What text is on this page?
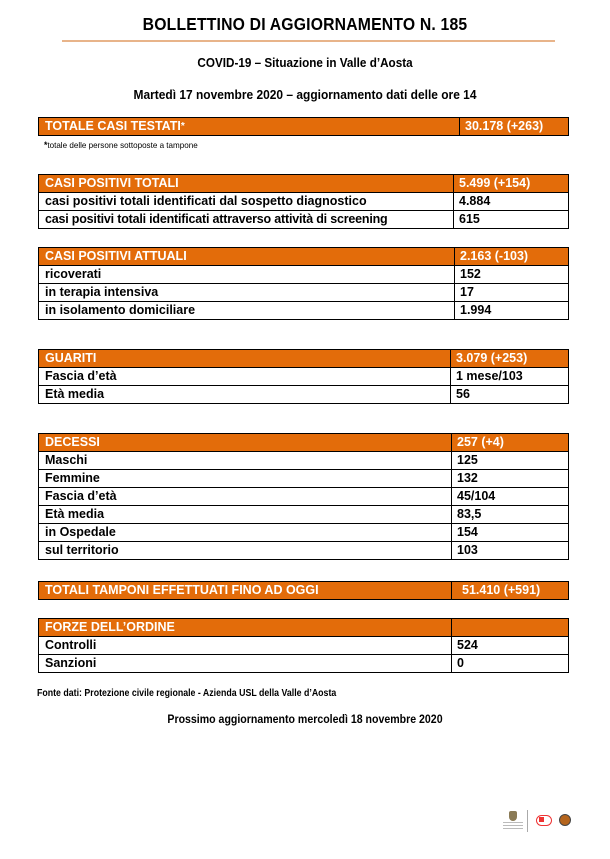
BOLLETTINO DI AGGIORNAMENTO N. 185
COVID-19 – Situazione in Valle d’Aosta
Martedì 17 novembre 2020 – aggiornamento dati delle ore 14
TOTALE CASI TESTATI*	30.178 (+263)
*totale delle persone sottoposte a tampone
CASI POSITIVI TOTALI	5.499 (+154)
casi positivi totali identificati dal sospetto diagnostico	4.884
casi positivi totali identificati attraverso attività di screening	615
CASI POSITIVI ATTUALI	2.163 (-103)
ricoverati	152
in terapia intensiva	17
in isolamento domiciliare	1.994
GUARITI	3.079 (+253)
Fascia d’età	1 mese/103
Età media	56
DECESSI	257 (+4)
Maschi	125
Femmine	132
Fascia d’età	45/104
Età media	83,5
in Ospedale	154
sul territorio	103
TOTALI TAMPONI EFFETTUATI FINO AD OGGI	51.410 (+591)
FORZE DELL’ORDINE	
Controlli	524
Sanzioni	0
Fonte dati: Protezione civile regionale - Azienda USL della Valle d’Aosta
Prossimo aggiornamento mercoledì 18 novembre 2020
